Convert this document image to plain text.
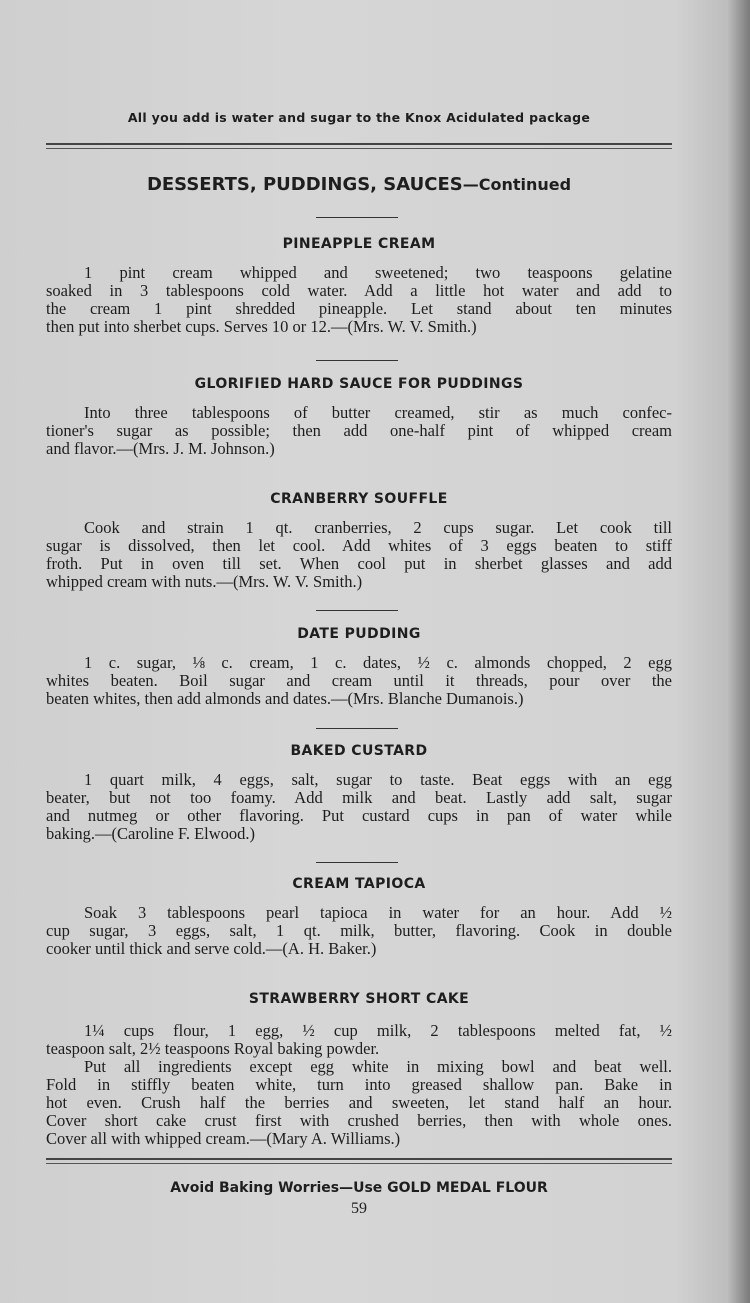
All you add is water and sugar to the Knox Acidulated package
DESSERTS, PUDDINGS, SAUCES—Continued
PINEAPPLE CREAM
1 pint cream whipped and sweetened; two teaspoons gelatine
soaked in 3 tablespoons cold water. Add a little hot water and add to
the cream 1 pint shredded pineapple. Let stand about ten minutes
then put into sherbet cups. Serves 10 or 12.—(Mrs. W. V. Smith.)
GLORIFIED HARD SAUCE FOR PUDDINGS
Into three tablespoons of butter creamed, stir as much confec-
tioner's sugar as possible; then add one-half pint of whipped cream
and flavor.—(Mrs. J. M. Johnson.)
CRANBERRY SOUFFLE
Cook and strain 1 qt. cranberries, 2 cups sugar. Let cook till
sugar is dissolved, then let cool. Add whites of 3 eggs beaten to stiff
froth. Put in oven till set. When cool put in sherbet glasses and add
whipped cream with nuts.—(Mrs. W. V. Smith.)
DATE PUDDING
1 c. sugar, ⅛ c. cream, 1 c. dates, ½ c. almonds chopped, 2 egg
whites beaten. Boil sugar and cream until it threads, pour over the
beaten whites, then add almonds and dates.—(Mrs. Blanche Dumanois.)
BAKED CUSTARD
1 quart milk, 4 eggs, salt, sugar to taste. Beat eggs with an egg
beater, but not too foamy. Add milk and beat. Lastly add salt, sugar
and nutmeg or other flavoring. Put custard cups in pan of water while
baking.—(Caroline F. Elwood.)
CREAM TAPIOCA
Soak 3 tablespoons pearl tapioca in water for an hour. Add ½
cup sugar, 3 eggs, salt, 1 qt. milk, butter, flavoring. Cook in double
cooker until thick and serve cold.—(A. H. Baker.)
STRAWBERRY SHORT CAKE
1¼ cups flour, 1 egg, ½ cup milk, 2 tablespoons melted fat, ½
teaspoon salt, 2½ teaspoons Royal baking powder.
Put all ingredients except egg white in mixing bowl and beat well.
Fold in stiffly beaten white, turn into greased shallow pan. Bake in
hot even. Crush half the berries and sweeten, let stand half an hour.
Cover short cake crust first with crushed berries, then with whole ones.
Cover all with whipped cream.—(Mary A. Williams.)
Avoid Baking Worries—Use GOLD MEDAL FLOUR
59
